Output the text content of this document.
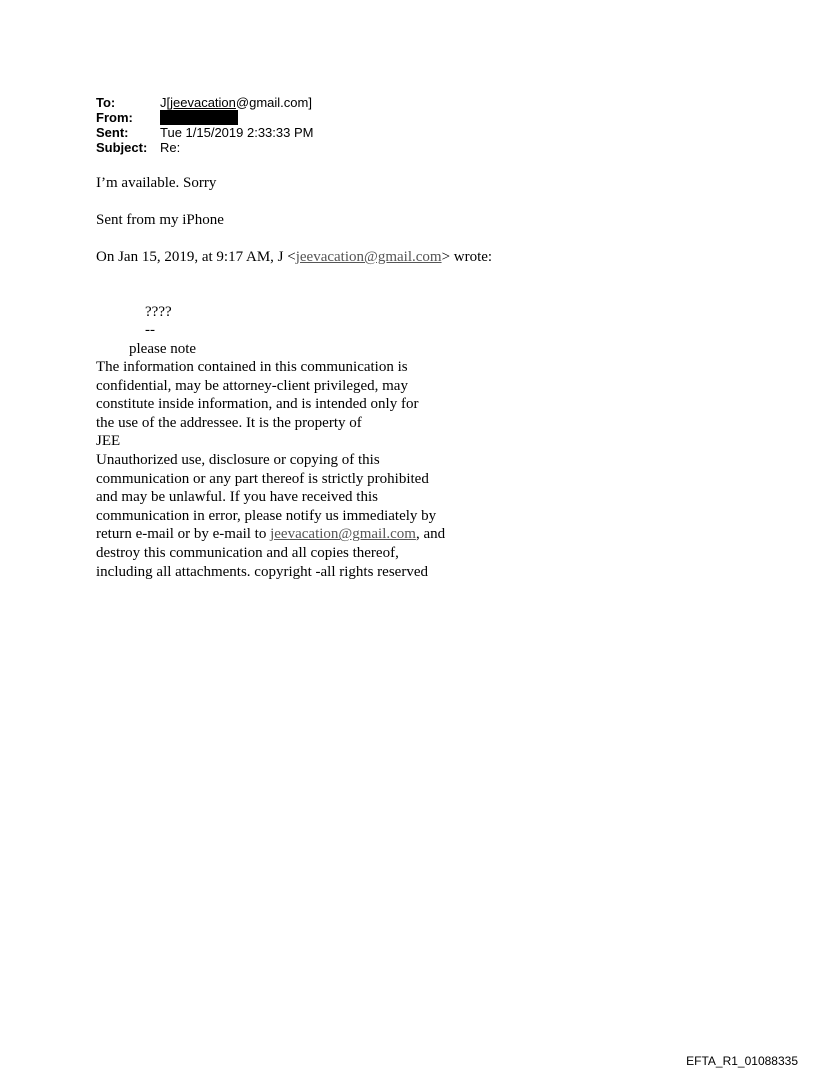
To:	J[jeevacation@gmail.com]
From:
Sent:	Tue 1/15/2019 2:33:33 PM
Subject: Re:
I’m available. Sorry
Sent from my iPhone
On Jan 15, 2019, at 9:17 AM, J <jeevacation@gmail.com> wrote:
????
--
please note
The information contained in this communication is
confidential, may be attorney-client privileged, may
constitute inside information, and is intended only for
the use of the addressee. It is the property of
JEE
Unauthorized use, disclosure or copying of this
communication or any part thereof is strictly prohibited
and may be unlawful. If you have received this
communication in error, please notify us immediately by
return e-mail or by e-mail to jeevacation@gmail.com, and
destroy this communication and all copies thereof,
including all attachments. copyright -all rights reserved
EFTA_R1_01088335
